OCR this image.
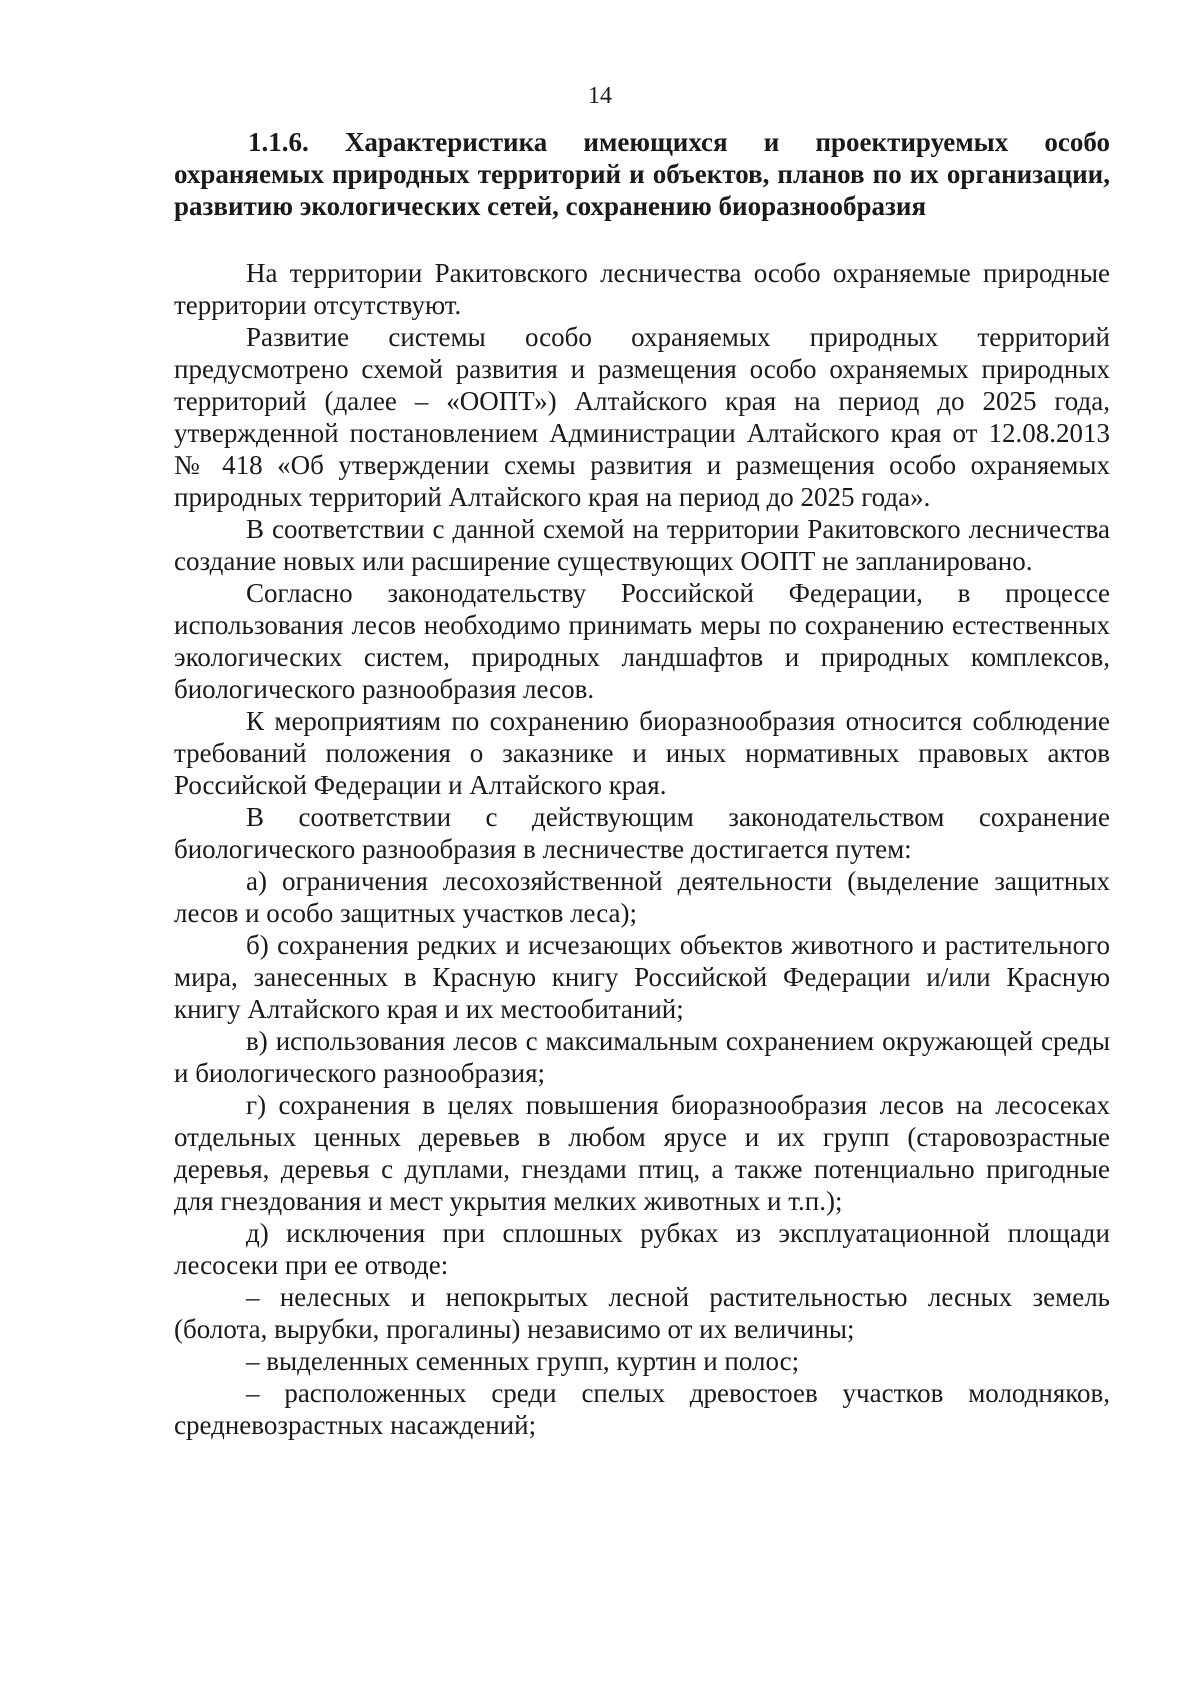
14
1.1.6. Характеристика имеющихся и проектируемых особо охраняемых природных территорий и объектов, планов по их организации, развитию экологических сетей, сохранению биоразнообразия

На территории Ракитовского лесничества особо охраняемые природные территории отсутствуют.

Развитие системы особо охраняемых природных территорий предусмотрено схемой развития и размещения особо охраняемых природных территорий (далее – «ООПТ») Алтайского края на период до 2025 года, утвержденной постановлением Администрации Алтайского края от 12.08.2013 № 418 «Об утверждении схемы развития и размещения особо охраняемых природных территорий Алтайского края на период до 2025 года».

В соответствии с данной схемой на территории Ракитовского лесничества создание новых или расширение существующих ООПТ не запланировано.

Согласно законодательству Российской Федерации, в процессе использования лесов необходимо принимать меры по сохранению естественных экологических систем, природных ландшафтов и природных комплексов, биологического разнообразия лесов.

К мероприятиям по сохранению биоразнообразия относится соблюдение требований положения о заказнике и иных нормативных правовых актов Российской Федерации и Алтайского края.

В соответствии с действующим законодательством сохранение биологического разнообразия в лесничестве достигается путем:

а) ограничения лесохозяйственной деятельности (выделение защитных лесов и особо защитных участков леса);

б) сохранения редких и исчезающих объектов животного и растительного мира, занесенных в Красную книгу Российской Федерации и/или Красную книгу Алтайского края и их местообитаний;

в) использования лесов с максимальным сохранением окружающей среды и биологического разнообразия;

г) сохранения в целях повышения биоразнообразия лесов на лесосеках отдельных ценных деревьев в любом ярусе и их групп (старовозрастные деревья, деревья с дуплами, гнездами птиц, а также потенциально пригодные для гнездования и мест укрытия мелких животных и т.п.);

д) исключения при сплошных рубках из эксплуатационной площади лесосеки при ее отводе:

– нелесных и непокрытых лесной растительностью лесных земель (болота, вырубки, прогалины) независимо от их величины;

– выделенных семенных групп, куртин и полос;

– расположенных среди спелых древостоев участков молодняков, средневозрастных насаждений;
